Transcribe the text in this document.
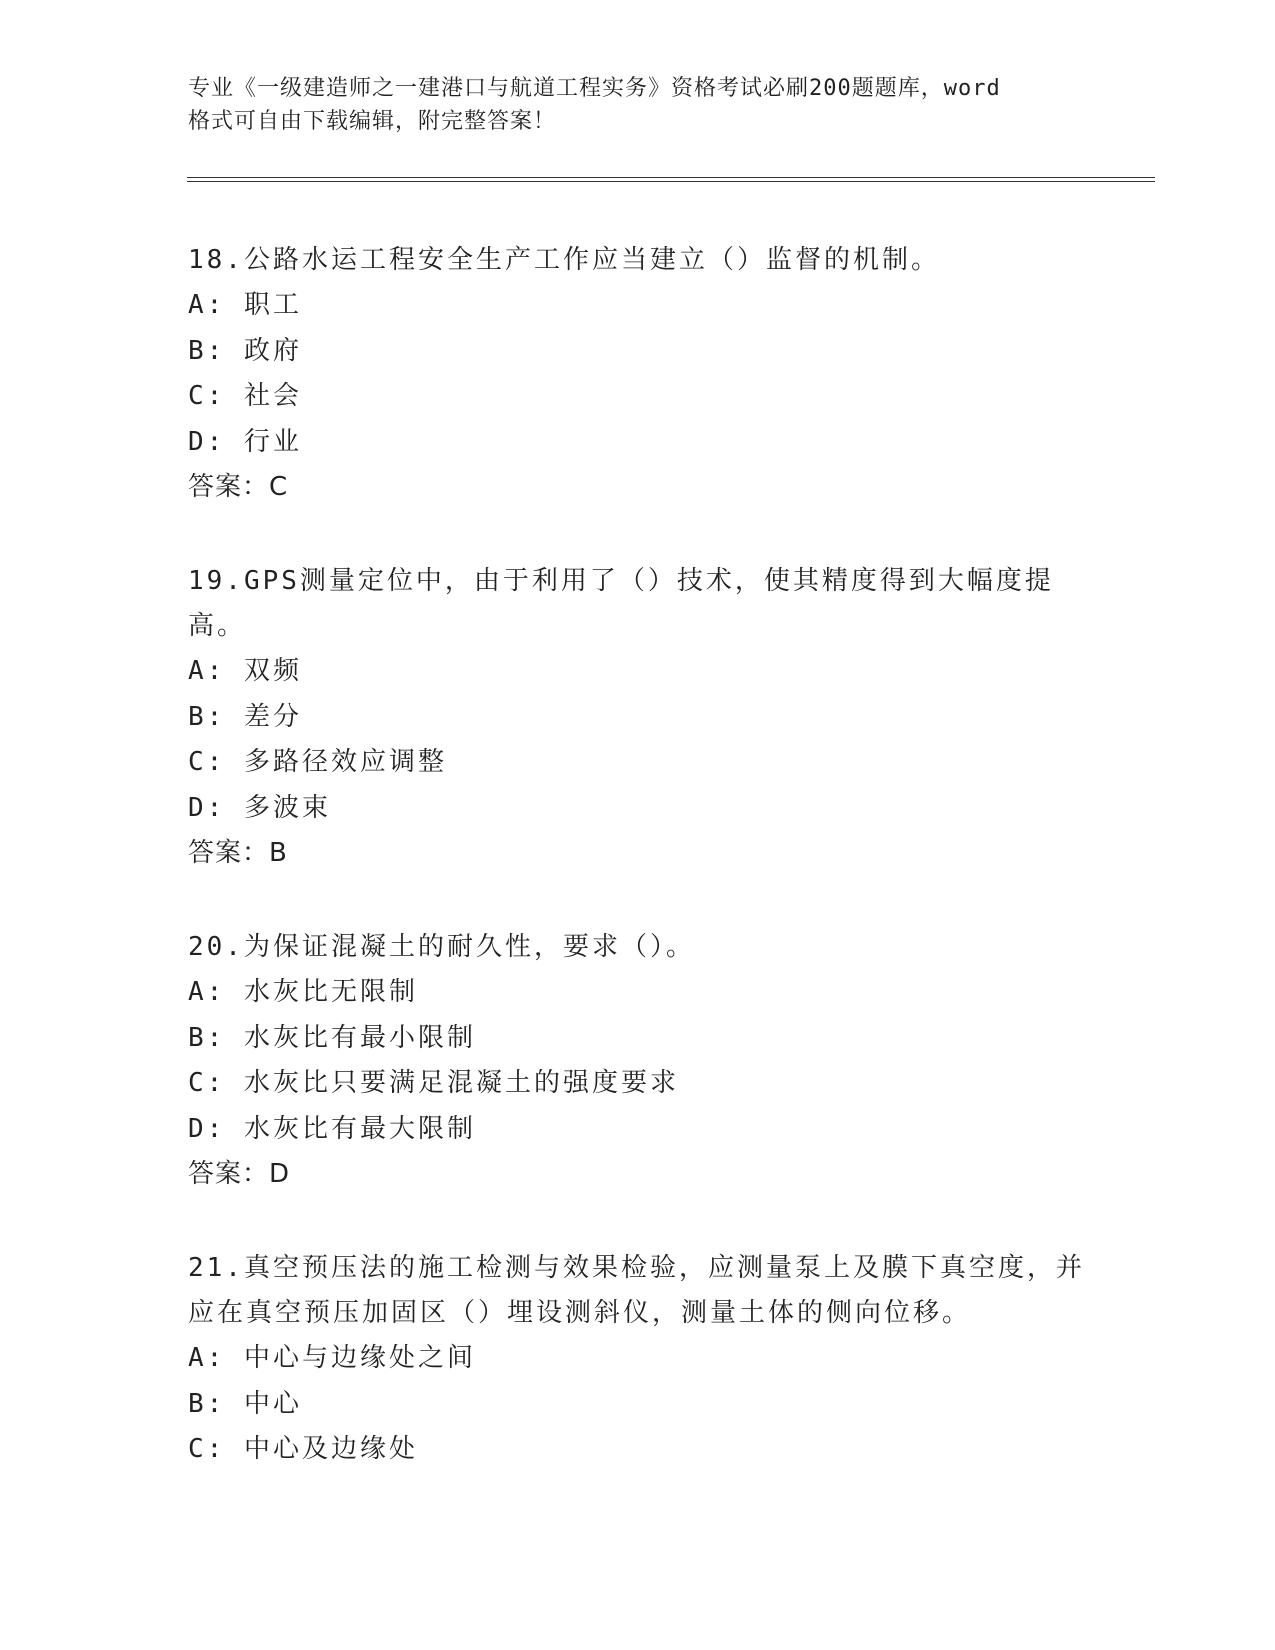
专业《一级建造师之一建港口与航道工程实务》资格考试必刷200题题库，word
格式可自由下载编辑，附完整答案！

18.公路水运工程安全生产工作应当建立（）监督的机制。

A: 职工
B: 政府
C: 社会
D: 行业
答案：C

19.GPS测量定位中，由于利用了（）技术，使其精度得到大幅度提高。

A: 双频
B: 差分
C: 多路径效应调整
D: 多波束
答案：B

20.为保证混凝土的耐久性，要求（）。

A: 水灰比无限制
B: 水灰比有最小限制
C: 水灰比只要满足混凝土的强度要求
D: 水灰比有最大限制
答案：D

21.真空预压法的施工检测与效果检验，应测量泵上及膜下真空度，并应在真空预压加固区（）埋设测斜仪，测量土体的侧向位移。

A: 中心与边缘处之间
B: 中心
C: 中心及边缘处
